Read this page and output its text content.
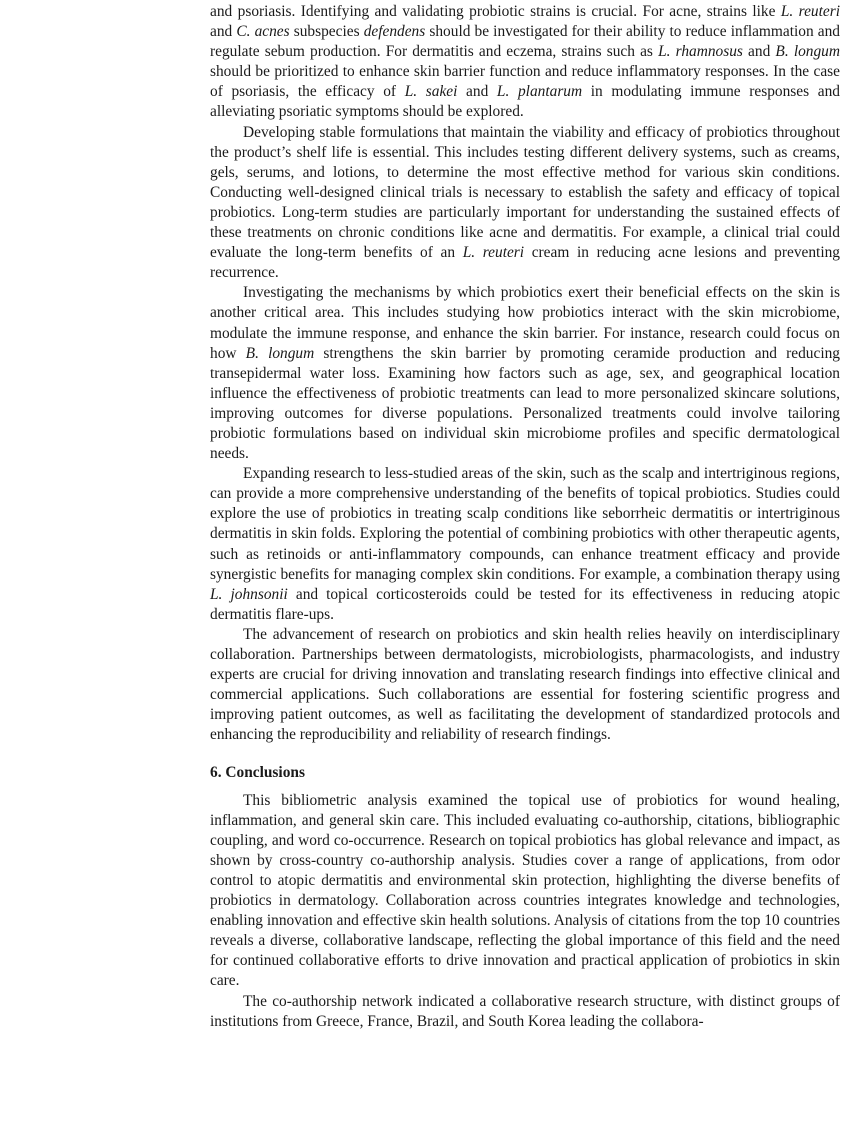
and psoriasis. Identifying and validating probiotic strains is crucial. For acne, strains like L. reuteri and C. acnes subspecies defendens should be investigated for their ability to reduce inflammation and regulate sebum production. For dermatitis and eczema, strains such as L. rhamnosus and B. longum should be prioritized to enhance skin barrier function and reduce inflammatory responses. In the case of psoriasis, the efficacy of L. sakei and L. plantarum in modulating immune responses and alleviating psoriatic symptoms should be explored.

Developing stable formulations that maintain the viability and efficacy of probiotics throughout the product’s shelf life is essential. This includes testing different delivery systems, such as creams, gels, serums, and lotions, to determine the most effective method for various skin conditions. Conducting well-designed clinical trials is necessary to establish the safety and efficacy of topical probiotics. Long-term studies are particularly important for understanding the sustained effects of these treatments on chronic conditions like acne and dermatitis. For example, a clinical trial could evaluate the long-term benefits of an L. reuteri cream in reducing acne lesions and preventing recurrence.

Investigating the mechanisms by which probiotics exert their beneficial effects on the skin is another critical area. This includes studying how probiotics interact with the skin microbiome, modulate the immune response, and enhance the skin barrier. For instance, research could focus on how B. longum strengthens the skin barrier by promoting ceramide production and reducing transepidermal water loss. Examining how factors such as age, sex, and geographical location influence the effectiveness of probiotic treatments can lead to more personalized skincare solutions, improving outcomes for diverse populations. Personalized treatments could involve tailoring probiotic formulations based on individual skin microbiome profiles and specific dermatological needs.

Expanding research to less-studied areas of the skin, such as the scalp and intertriginous regions, can provide a more comprehensive understanding of the benefits of topical probiotics. Studies could explore the use of probiotics in treating scalp conditions like seborrheic dermatitis or intertriginous dermatitis in skin folds. Exploring the potential of combining probiotics with other therapeutic agents, such as retinoids or anti-inflammatory compounds, can enhance treatment efficacy and provide synergistic benefits for managing complex skin conditions. For example, a combination therapy using L. johnsonii and topical corticosteroids could be tested for its effectiveness in reducing atopic dermatitis flare-ups.

The advancement of research on probiotics and skin health relies heavily on interdisciplinary collaboration. Partnerships between dermatologists, microbiologists, pharmacologists, and industry experts are crucial for driving innovation and translating research findings into effective clinical and commercial applications. Such collaborations are essential for fostering scientific progress and improving patient outcomes, as well as facilitating the development of standardized protocols and enhancing the reproducibility and reliability of research findings.

6. Conclusions

This bibliometric analysis examined the topical use of probiotics for wound healing, inflammation, and general skin care. This included evaluating co-authorship, citations, bibliographic coupling, and word co-occurrence. Research on topical probiotics has global relevance and impact, as shown by cross-country co-authorship analysis. Studies cover a range of applications, from odor control to atopic dermatitis and environmental skin protection, highlighting the diverse benefits of probiotics in dermatology. Collaboration across countries integrates knowledge and technologies, enabling innovation and effective skin health solutions. Analysis of citations from the top 10 countries reveals a diverse, collaborative landscape, reflecting the global importance of this field and the need for continued collaborative efforts to drive innovation and practical application of probiotics in skin care.

The co-authorship network indicated a collaborative research structure, with distinct groups of institutions from Greece, France, Brazil, and South Korea leading the collabora-
